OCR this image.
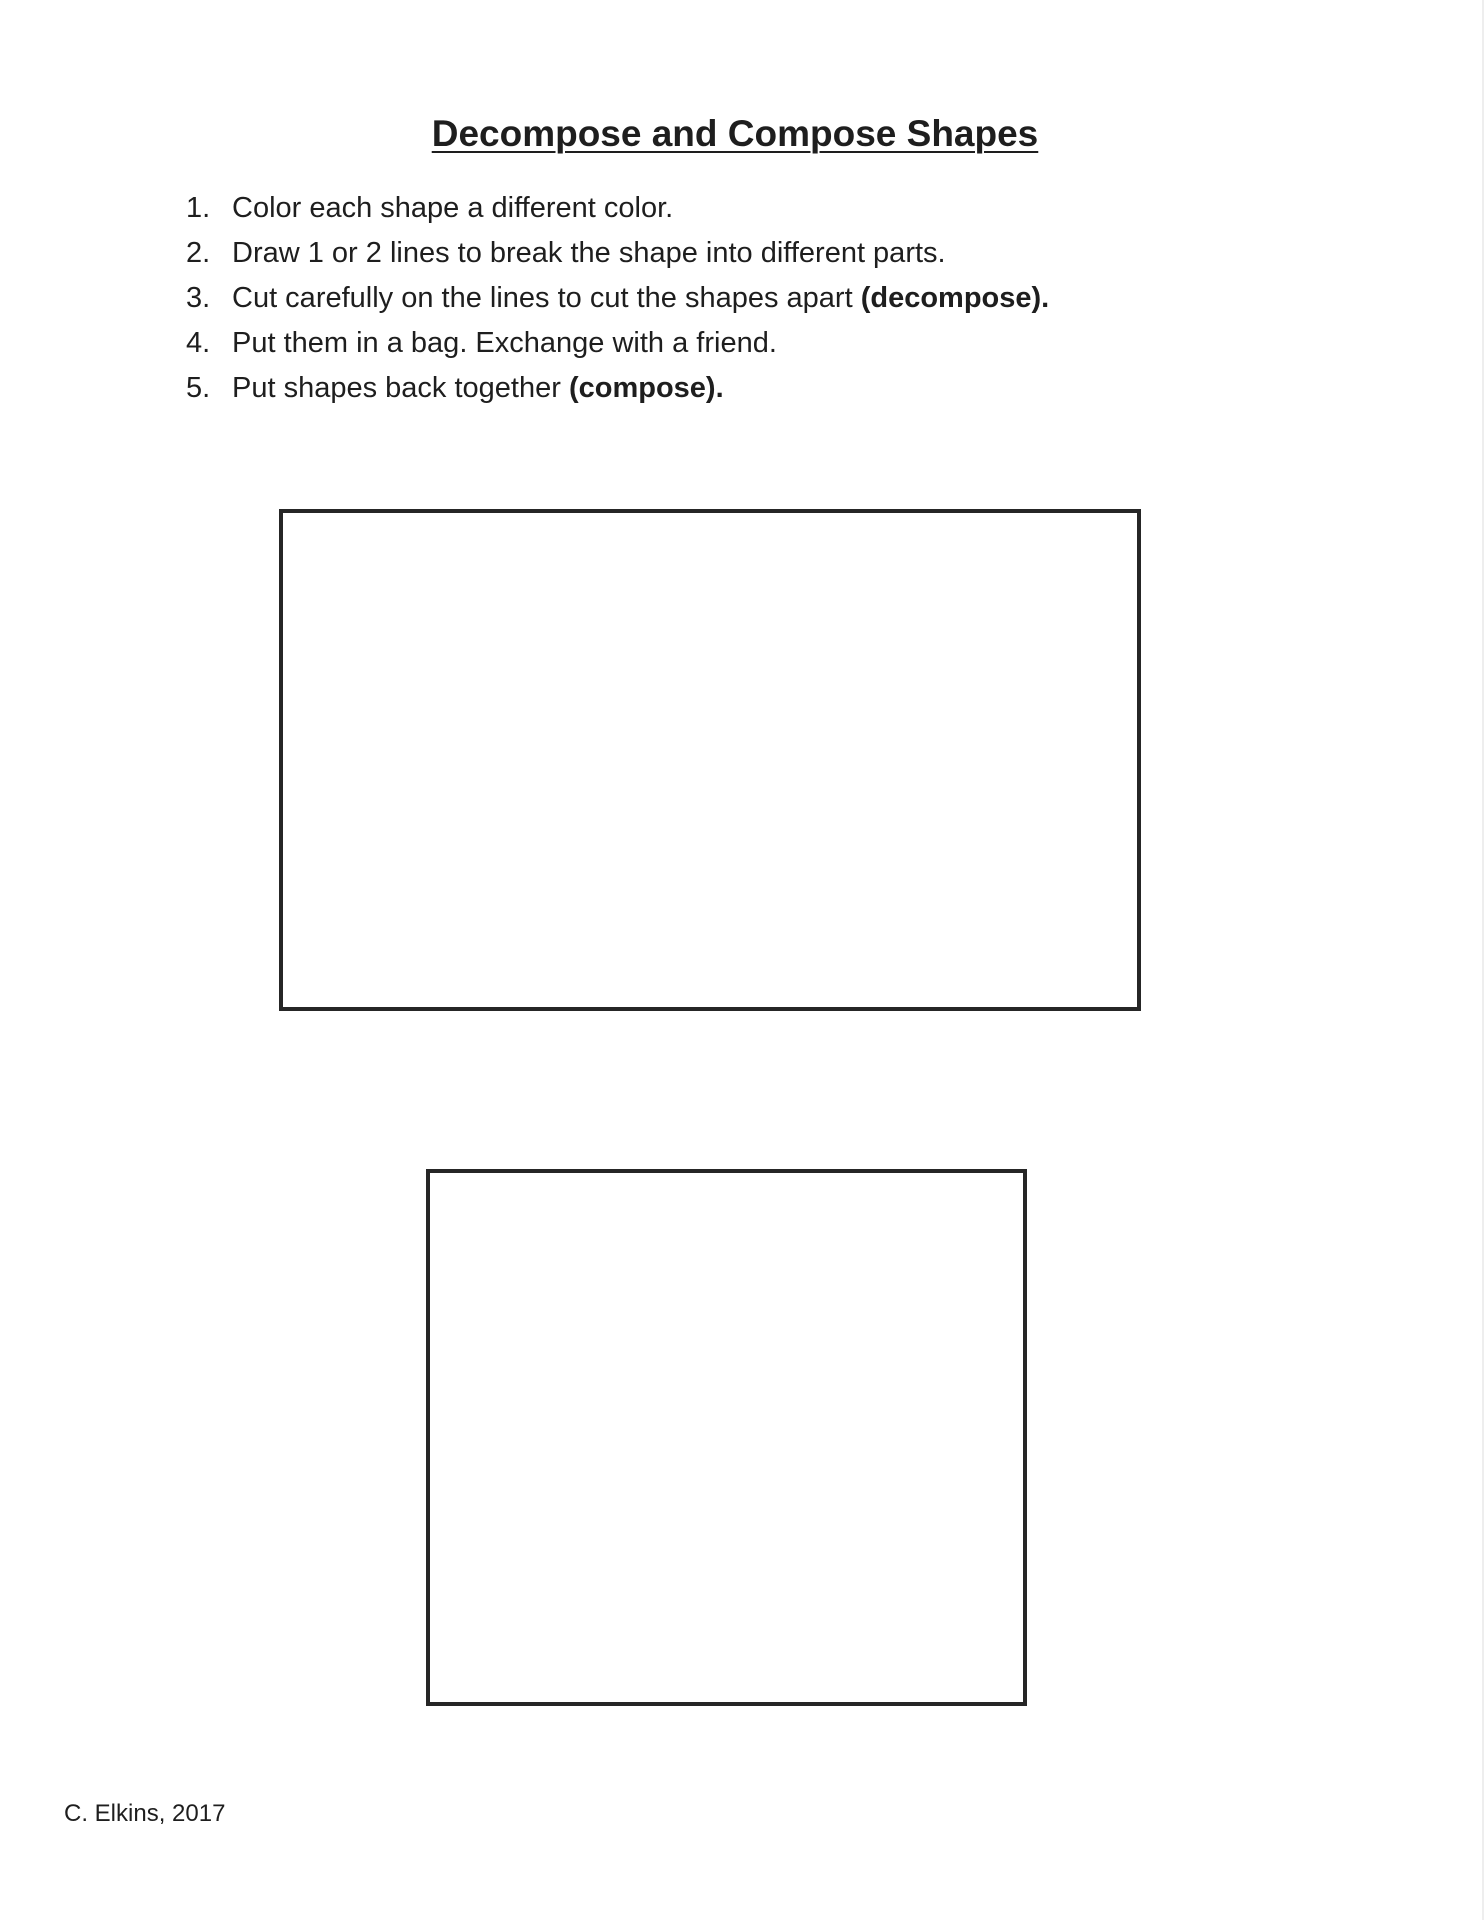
Decompose and Compose Shapes
1. Color each shape a different color.
2. Draw 1 or 2 lines to break the shape into different parts.
3. Cut carefully on the lines to cut the shapes apart (decompose).
4. Put them in a bag. Exchange with a friend.
5. Put shapes back together (compose).
C. Elkins, 2017
